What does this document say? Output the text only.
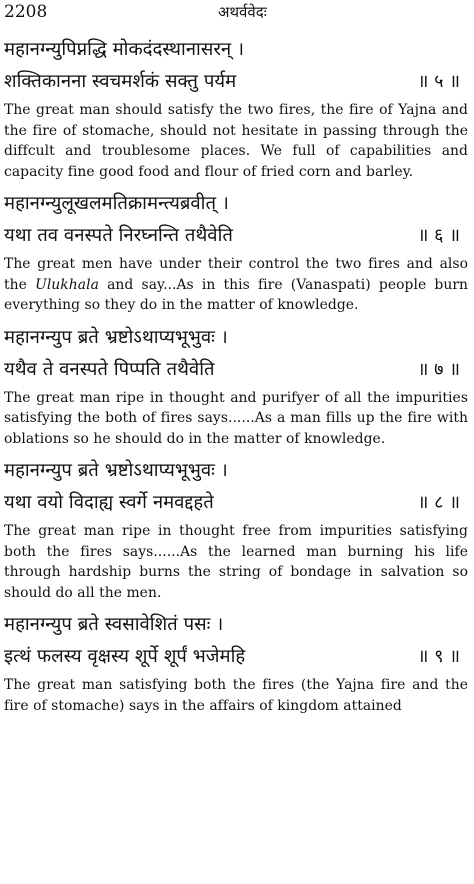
2208	अथर्ववेदः
महानग्न्युपिप्नद्धि मोकदंदस्थानासरन् ।
शक्तिकानना स्वचमर्शकं सक्तु पर्यम	॥ ५ ॥

The great man should satisfy the two fires, the fire of Yajna and the fire of stomache, should not hesitate in passing through the diffcult and troublesome places. We full of capabilities and capacity fine good food and flour of fried corn and barley.

महानग्न्युलूखलमतिक्रामन्त्यब्रवीत् ।
यथा तव वनस्पते निरघ्नन्ति तथैवेति	॥ ६ ॥

The great men have under their control the two fires and also the Ulukhala and say...As in this fire (Vanaspati) people burn everything so they do in the matter of knowledge.

महानग्न्युप ब्रते भ्रष्टोऽथाप्यभूभुवः ।
यथैव ते वनस्पते पिप्पति तथैवेति	॥ ७ ॥

The great man ripe in thought and purifyer of all the impurities satisfying the both of fires says......As a man fills up the fire with oblations so he should do in the matter of knowledge.

महानग्न्युप ब्रते भ्रष्टोऽथाप्यभूभुवः ।
यथा वयो विदाह्य स्वर्गे नमवद्दहते	॥ ८ ॥

The great man ripe in thought free from impurities satisfying both the fires says......As the learned man burning his life through hardship burns the string of bondage in salvation so should do all the men.

महानग्न्युप ब्रते स्वसावेशितं पसः ।
इत्थं फलस्य वृक्षस्य शूर्पे शूर्पं भजेमहि	॥ ९ ॥

The great man satisfying both the fires (the Yajna fire and the fire of stomache) says in the affairs of kingdom attained
